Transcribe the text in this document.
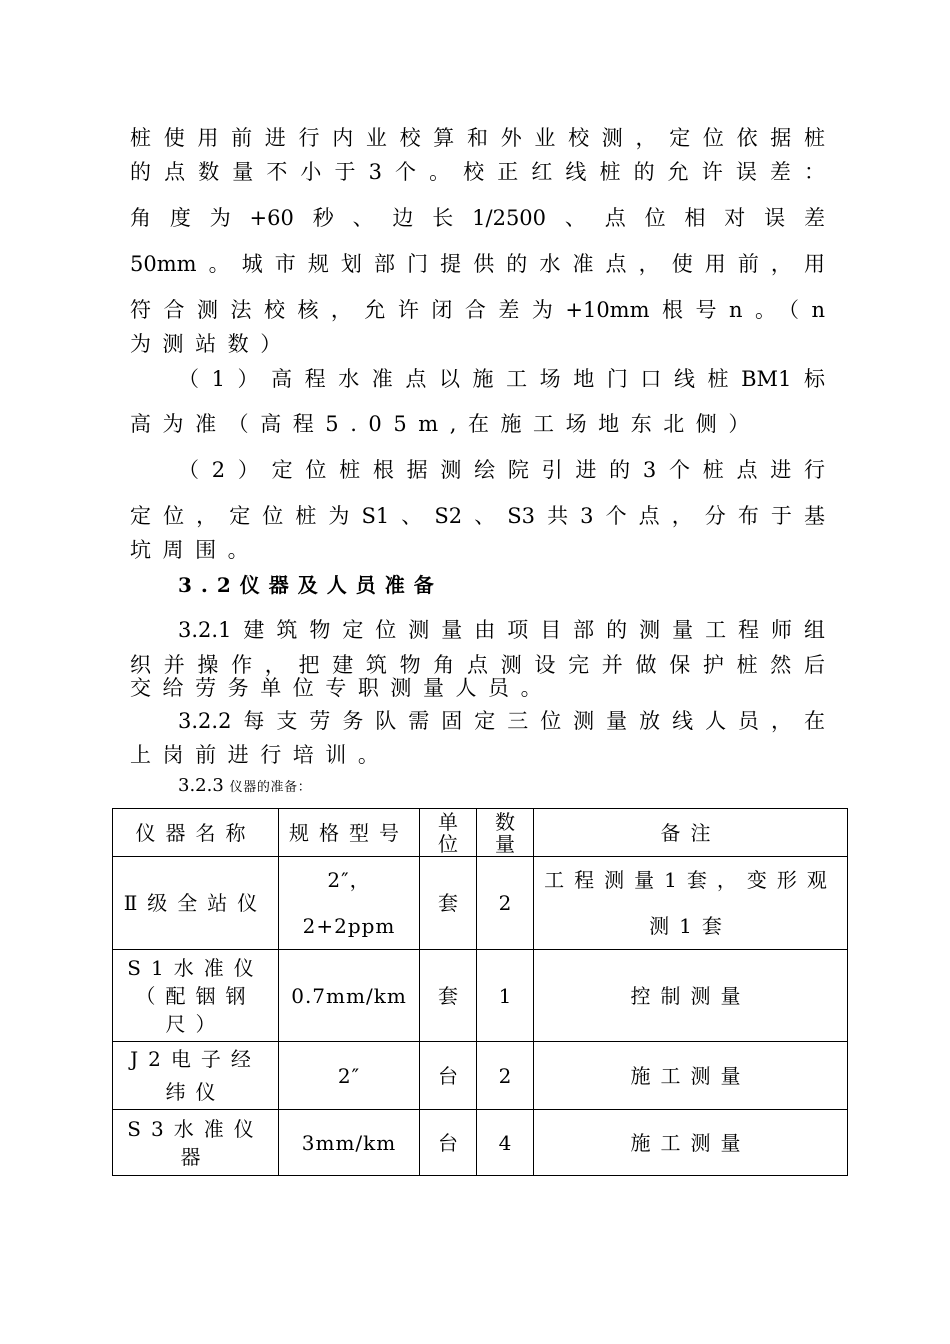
桩使用前进行内业校算和外业校测，定位依据桩
的点数量不小于3个。校正红线桩的允许误差：
角度为+60秒、边长1/2500、点位相对误差
50mm。城市规划部门提供的水准点，使用前，用
符合测法校核，允许闭合差为+10mm根号n。（n
为测站数）
（1）高程水准点以施工场地门口线桩BM1标
高为准（高程5.05m,在施工场地东北侧）
（2）定位桩根据测绘院引进的3个桩点进行
定位，定位桩为S1、S2、S3共3个点，分布于基
坑周围。
3.2仪器及人员准备
3.2.1建筑物定位测量由项目部的测量工程师组
织并操作，把建筑物角点测设完并做保护桩然后
交给劳务单位专职测量人员。
3.2.2每支劳务队需固定三位测量放线人员，在
上岗前进行培训。
3.2.3 仪器的准备：
仪器名称	规格型号	单位	数量	备注
Ⅱ级全站仪	2″，2+2ppm	套	2	工程测量1套，变形观测1套
S1水准仪（配铟钢尺）	0.7mm/km	套	1	控制测量
J2电子经纬仪	2″	台	2	施工测量
S3水准仪器	3mm/km	台	4	施工测量
